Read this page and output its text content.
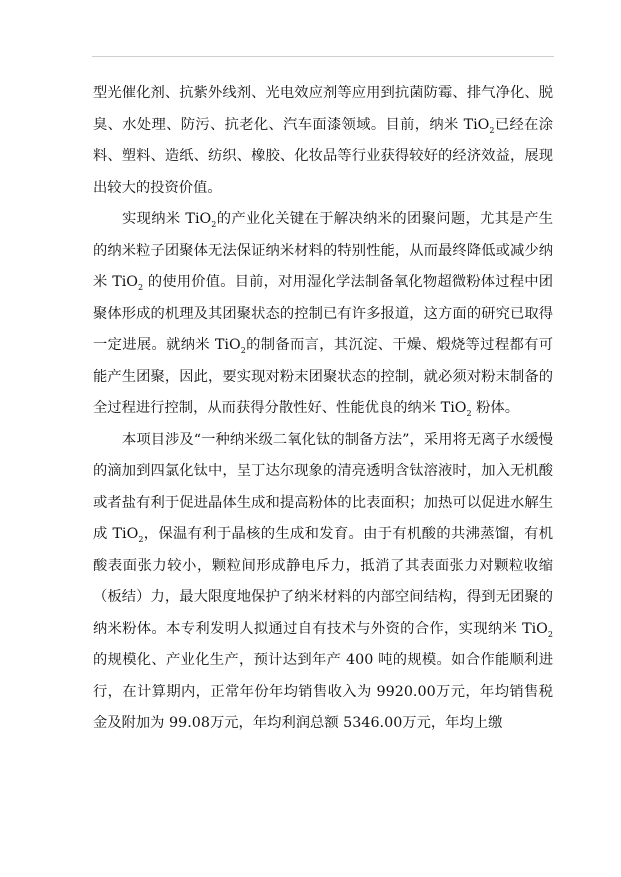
型光催化剂、抗紫外线剂、光电效应剂等应用到抗菌防霉、排气净化、脱臭、水处理、防污、抗老化、汽车面漆领域。目前，纳米 TiO$_2$已经在涂料、塑料、造纸、纺织、橡胶、化妆品等行业获得较好的经济效益，展现出较大的投资价值。

实现纳米 TiO$_2$的产业化关键在于解决纳米的团聚问题，尤其是产生的纳米粒子团聚体无法保证纳米材料的特别性能，从而最终降低或减少纳米 TiO$_2$ 的使用价值。目前，对用湿化学法制备氧化物超微粉体过程中团聚体形成的机理及其团聚状态的控制已有许多报道，这方面的研究已取得一定进展。就纳米 TiO$_2$的制备而言，其沉淀、干燥、煅烧等过程都有可能产生团聚，因此，要实现对粉末团聚状态的控制，就必须对粉末制备的全过程进行控制，从而获得分散性好、性能优良的纳米 TiO$_2$ 粉体。

本项目涉及“一种纳米级二氧化钛的制备方法”，采用将无离子水缓慢的滴加到四氯化钛中，呈丁达尔现象的清亮透明含钛溶液时，加入无机酸或者盐有利于促进晶体生成和提高粉体的比表面积；加热可以促进水解生成 TiO$_2$，保温有利于晶核的生成和发育。由于有机酸的共沸蒸馏，有机酸表面张力较小，颗粒间形成静电斥力，抵消了其表面张力对颗粒收缩（板结）力，最大限度地保护了纳米材料的内部空间结构，得到无团聚的纳米粉体。本专利发明人拟通过自有技术与外资的合作，实现纳米 TiO$_2$的规模化、产业化生产，预计达到年产 400 吨的规模。如合作能顺利进行，在计算期内，正常年份年均销售收入为 9920.00万元，年均销售税金及附加为 99.08万元，年均利润总额 5346.00万元，年均上缴
